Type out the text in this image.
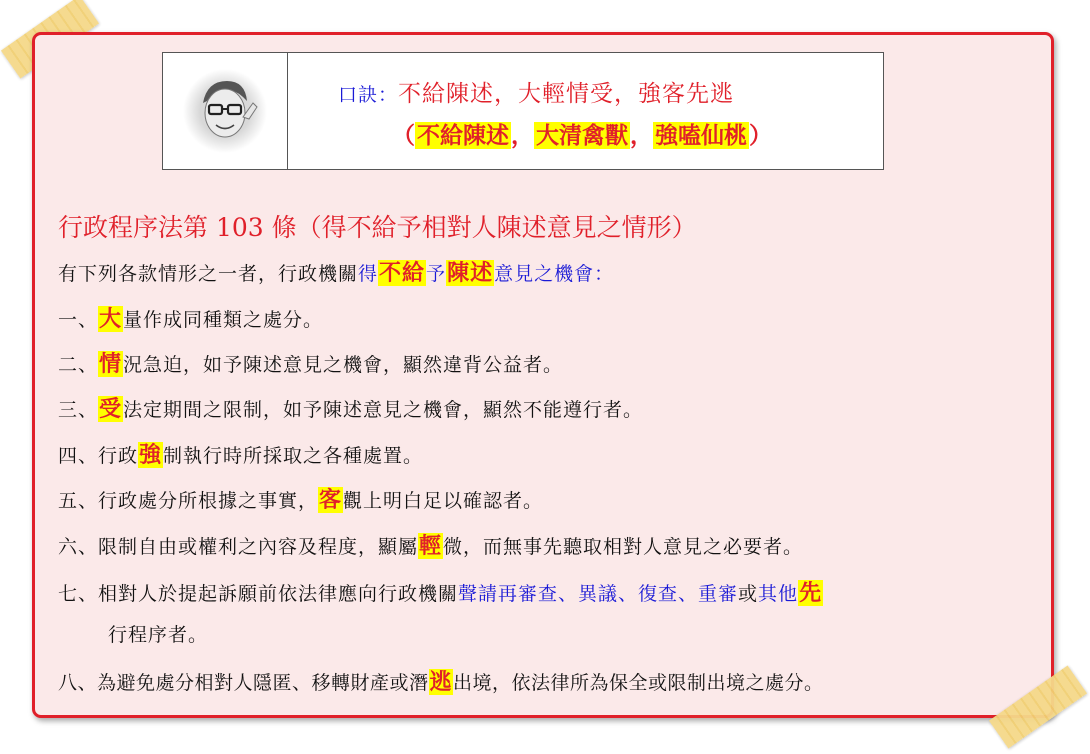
口訣：不給陳述，大輕情受，強客先逃
（不給陳述，大清禽獸，強嗑仙桃）
行政程序法第 103 條（得不給予相對人陳述意見之情形）
有下列各款情形之一者，行政機關得不給予陳述意見之機會：
一、大量作成同種類之處分。
二、情況急迫，如予陳述意見之機會，顯然違背公益者。
三、受法定期間之限制，如予陳述意見之機會，顯然不能遵行者。
四、行政強制執行時所採取之各種處置。
五、行政處分所根據之事實，客觀上明白足以確認者。
六、限制自由或權利之內容及程度，顯屬輕微，而無事先聽取相對人意見之必要者。
七、相對人於提起訴願前依法律應向行政機關聲請再審查、異議、復查、重審或其他先
行程序者。
八、為避免處分相對人隱匿、移轉財產或潛逃出境，依法律所為保全或限制出境之處分。
